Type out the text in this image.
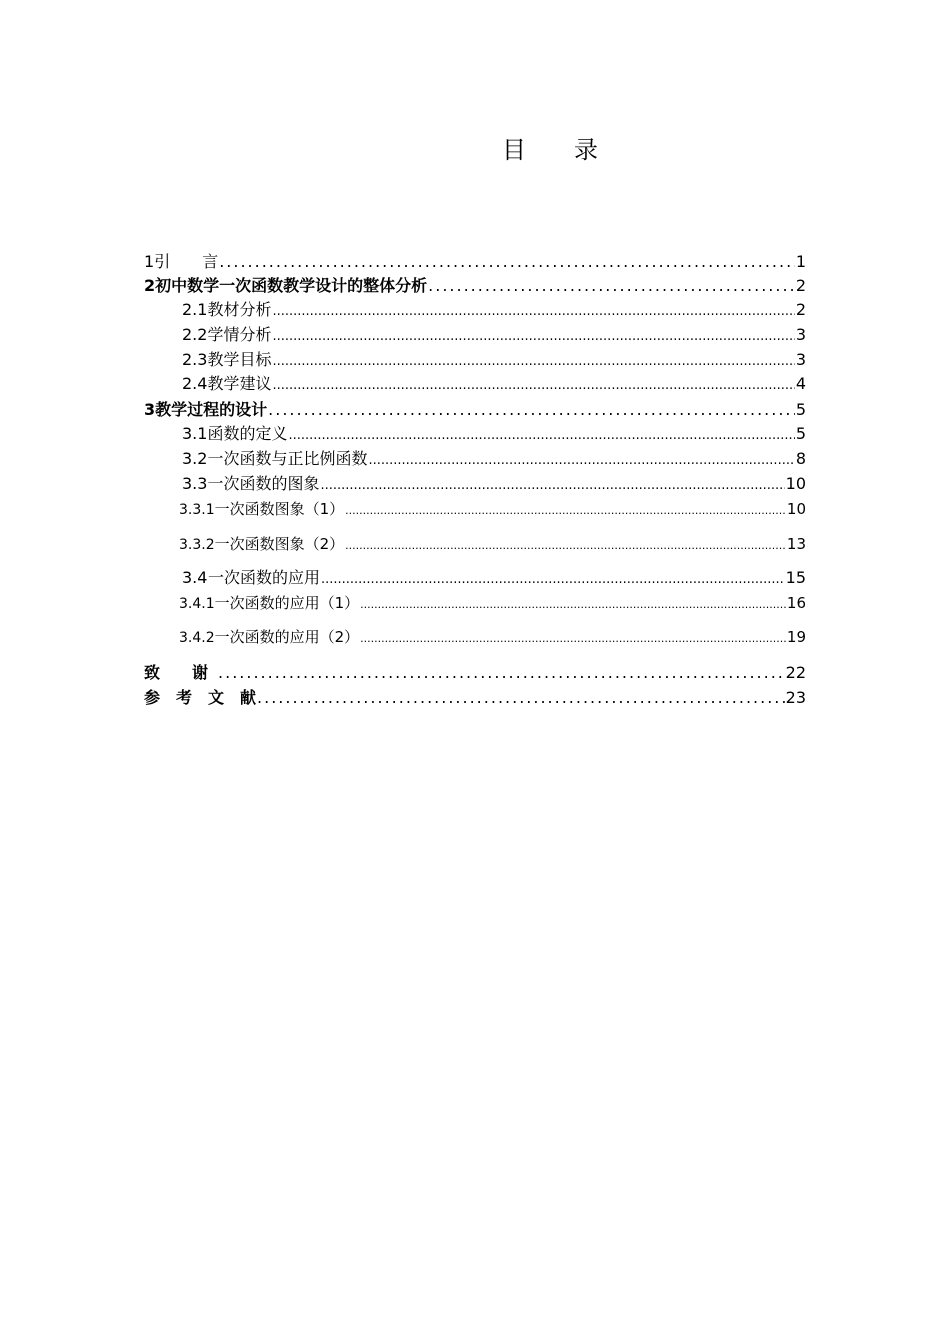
目 录
1 引　　言 .....	1
2 初中数学一次函数教学设计的整体分析 .....	2
2.1 教材分析 .....	2
2.2 学情分析 .....	3
2.3 教学目标 .....	3
2.4 教学建议 .....	4
3 教学过程的设计 .....	5
3.1 函数的定义 .....	5
3.2 一次函数与正比例函数 .....	8
3.3 一次函数的图象 .....	10
3.3.1 一次函数图象（1） .....	10
3.3.2 一次函数图象（2） .....	13
3.4 一次函数的应用 .....	15
3.4.1 一次函数的应用（1） .....	16
3.4.2 一次函数的应用（2） .....	19
致　　谢 .....	22
参　考　文　献 .....	23
